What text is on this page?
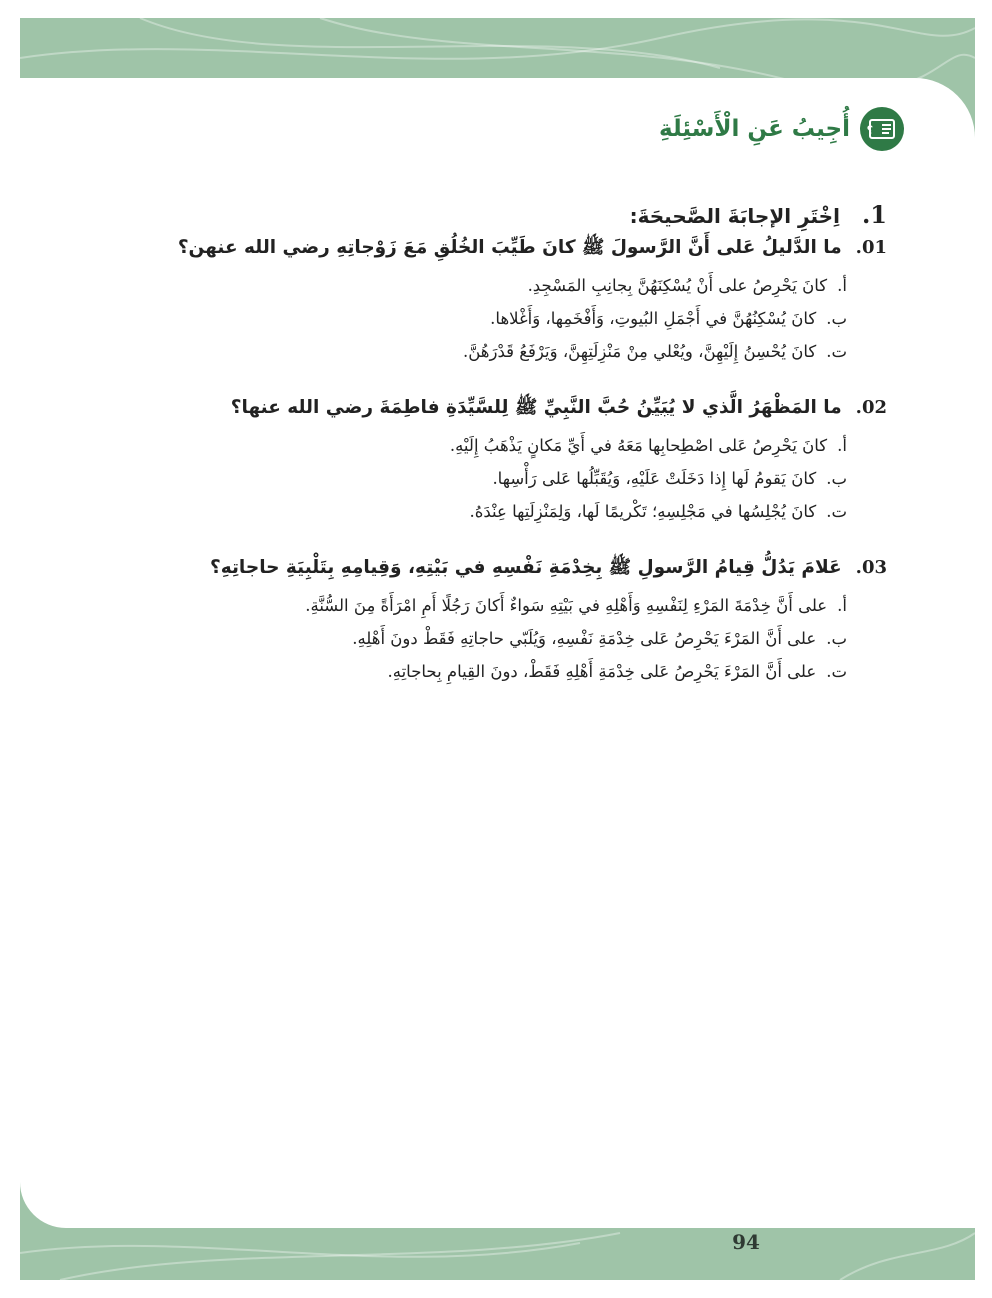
؟
أُجِيبُ عَنِ الْأَسْئِلَةِ
1.
اِخْتَرِ الإجابَةَ الصَّحيحَةَ:
01.
ما الدَّليلُ عَلى أَنَّ الرَّسولَ ﷺ كانَ طَيِّبَ الخُلُقِ مَعَ زَوْجاتِهِ رضي الله عنهن؟
أ.
كانَ يَحْرِصُ على أَنْ يُسْكِنَهُنَّ بِجانِبِ المَسْجِدِ.
ب.
كانَ يُسْكِنُهُنَّ في أَجْمَلِ البُيوتِ، وَأَفْخَمِها، وَأَغْلاها.
ت.
كانَ يُحْسِنُ إِلَيْهِنَّ، ويُعْلي مِنْ مَنْزِلَتِهِنَّ، وَيَرْفَعُ قَدْرَهُنَّ.
02.
ما المَظْهَرُ الَّذي لا يُبَيِّنُ حُبَّ النَّبِيِّ ﷺ لِلسَّيِّدَةِ فاطِمَةَ رضي الله عنها؟
أ.
كانَ يَحْرِصُ عَلى اصْطِحابِها مَعَهُ في أَيِّ مَكانٍ يَذْهَبُ إِلَيْهِ.
ب.
كانَ يَقومُ لَها إِذا دَخَلَتْ عَلَيْهِ، وَيُقَبِّلُها عَلى رَأْسِها.
ت.
كانَ يُجْلِسُها في مَجْلِسِهِ؛ تَكْريمًا لَها، وَلِمَنْزِلَتِها عِنْدَهُ.
03.
عَلامَ يَدُلُّ قِيامُ الرَّسولِ ﷺ بِخِدْمَةِ نَفْسِهِ في بَيْتِهِ، وَقِيامِهِ بِتَلْبِيَةِ حاجاتِهِ؟
أ.
على أَنَّ خِدْمَةَ المَرْءِ لِنَفْسِهِ وَأَهْلِهِ في بَيْتِهِ سَواءٌ أَكانَ رَجُلًا أَمِ امْرَأَةً مِنَ السُّنَّةِ.
ب.
على أَنَّ المَرْءَ يَحْرِصُ عَلى خِدْمَةِ نَفْسِهِ، وَيُلَبّي حاجاتِهِ فَقَطْ دونَ أَهْلِهِ.
ت.
على أَنَّ المَرْءَ يَحْرِصُ عَلى خِدْمَةِ أَهْلِهِ فَقَطْ، دونَ القِيامِ بِحاجاتِهِ.
94
